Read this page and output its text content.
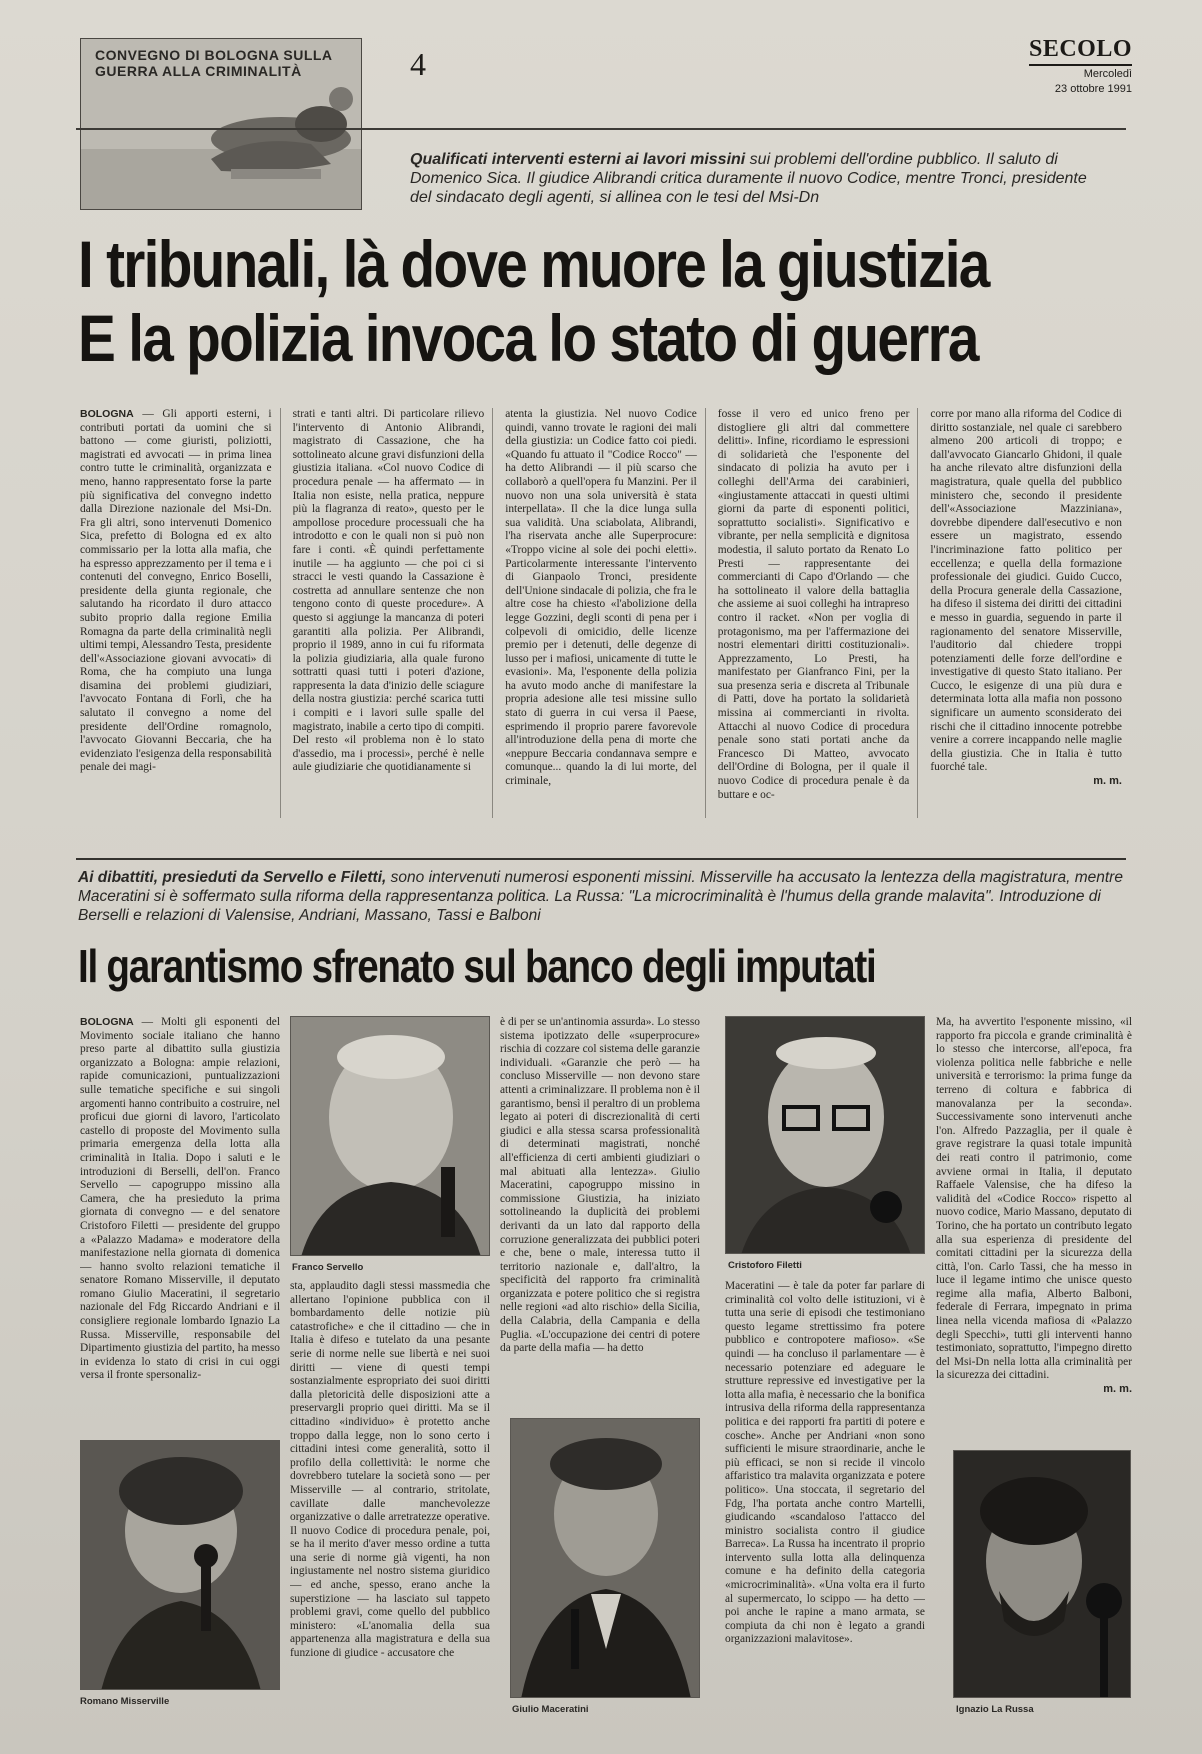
CONVEGNO DI BOLOGNA SULLA GUERRA ALLA CRIMINALITÀ	4	SECOLO
Mercoledì
23 ottobre 1991
Qualificati interventi esterni ai lavori missini sui problemi dell'ordine pubblico. Il saluto di Domenico Sica. Il giudice Alibrandi critica duramente il nuovo Codice, mentre Tronci, presidente del sindacato degli agenti, si allinea con le tesi del Msi-Dn
I tribunali, là dove muore la giustizia
E la polizia invoca lo stato di guerra
BOLOGNA — Gli apporti esterni, i contributi portati da uomini che si battono — come giuristi, poliziotti, magistrati ed avvocati — in prima linea contro tutte le criminalità, organizzata e meno, hanno rappresentato forse la parte più significativa del convegno indetto dalla Direzione nazionale del Msi-Dn. Fra gli altri, sono intervenuti Domenico Sica, prefetto di Bologna ed ex alto commissario per la lotta alla mafia, che ha espresso apprezzamento per il tema e i contenuti del convegno, Enrico Boselli, presidente della giunta regionale, che salutando ha ricordato il duro attacco subito proprio dalla regione Emilia Romagna da parte della criminalità negli ultimi tempi, Alessandro Testa, presidente dell'«Associazione giovani avvocati» di Roma, che ha compiuto una lunga disamina dei problemi giudiziari, l'avvocato Fontana di Forlì, che ha salutato il convegno a nome del presidente dell'Ordine romagnolo, l'avvocato Giovanni Beccaria, che ha evidenziato l'esigenza della responsabilità penale dei magi-
strati e tanti altri. Di particolare rilievo l'intervento di Antonio Alibrandi, magistrato di Cassazione, che ha sottolineato alcune gravi disfunzioni della giustizia italiana. «Col nuovo Codice di procedura penale — ha affermato — in Italia non esiste, nella pratica, neppure più la flagranza di reato», questo per le ampollose procedure processuali che ha introdotto e con le quali non si può non fare i conti. «È quindi perfettamente inutile — ha aggiunto — che poi ci si stracci le vesti quando la Cassazione è costretta ad annullare sentenze che non tengono conto di queste procedure». A questo si aggiunge la mancanza di poteri garantiti alla polizia. Per Alibrandi, proprio il 1989, anno in cui fu riformata la polizia giudiziaria, alla quale furono sottratti quasi tutti i poteri d'azione, rappresenta la data d'inizio delle sciagure della nostra giustizia: perché scarica tutti i compiti e i lavori sulle spalle del magistrato, inabile a certo tipo di compiti. Del resto «il problema non è lo stato d'assedio, ma i processi», perché è nelle aule giudiziarie che quotidianamente si
atenta la giustizia. Nel nuovo Codice quindi, vanno trovate le ragioni dei mali della giustizia: un Codice fatto coi piedi. «Quando fu attuato il "Codice Rocco" — ha detto Alibrandi — il più scarso che collaborò a quell'opera fu Manzini. Per il nuovo non una sola università è stata interpellata». Il che la dice lunga sulla sua validità. Una sciabolata, Alibrandi, l'ha riservata anche alle Superprocure: «Troppo vicine al sole dei pochi eletti». Particolarmente interessante l'intervento di Gianpaolo Tronci, presidente dell'Unione sindacale di polizia, che fra le altre cose ha chiesto «l'abolizione della legge Gozzini, degli sconti di pena per i colpevoli di omicidio, delle licenze premio per i detenuti, delle degenze di lusso per i mafiosi, unicamente di tutte le evasioni». Ma, l'esponente della polizia ha avuto modo anche di manifestare la propria adesione alle tesi missine sullo stato di guerra in cui versa il Paese, esprimendo il proprio parere favorevole all'introduzione della pena di morte che «neppure Beccaria condannava sempre e comunque... quando la di lui morte, del criminale,
fosse il vero ed unico freno per distogliere gli altri dal commettere delitti». Infine, ricordiamo le espressioni di solidarietà che l'esponente del sindacato di polizia ha avuto per i colleghi dell'Arma dei carabinieri, «ingiustamente attaccati in questi ultimi giorni da parte di esponenti politici, soprattutto socialisti». Significativo e vibrante, per nella semplicità e dignitosa modestia, il saluto portato da Renato Lo Presti — rappresentante dei commercianti di Capo d'Orlando — che ha sottolineato il valore della battaglia che assieme ai suoi colleghi ha intrapreso contro il racket. «Non per voglia di protagonismo, ma per l'affermazione dei nostri elementari diritti costituzionali». Apprezzamento, Lo Presti, ha manifestato per Gianfranco Fini, per la sua presenza seria e discreta al Tribunale di Patti, dove ha portato la solidarietà missina ai commercianti in rivolta. Attacchi al nuovo Codice di procedura penale sono stati portati anche da Francesco Di Matteo, avvocato dell'Ordine di Bologna, per il quale il nuovo Codice di procedura penale è da buttare e oc-
corre por mano alla riforma del Codice di diritto sostanziale, nel quale ci sarebbero almeno 200 articoli di troppo; e dall'avvocato Giancarlo Ghidoni, il quale ha anche rilevato altre disfunzioni della magistratura, quale quella del pubblico ministero che, secondo il presidente dell'«Associazione Mazziniana», dovrebbe dipendere dall'esecutivo e non essere un magistrato, essendo l'incriminazione fatto politico per eccellenza; e quella della formazione professionale dei giudici. Guido Cucco, della Procura generale della Cassazione, ha difeso il sistema dei diritti dei cittadini e messo in guardia, seguendo in parte il ragionamento del senatore Misserville, l'auditorio dal chiedere troppi potenziamenti delle forze dell'ordine e investigative di questo Stato italiano. Per Cucco, le esigenze di una più dura e determinata lotta alla mafia non possono significare un aumento sconsiderato dei rischi che il cittadino innocente potrebbe venire a correre incappando nelle maglie della giustizia. Che in Italia è tutto fuorché tale.
m. m.
Ai dibattiti, presieduti da Servello e Filetti, sono intervenuti numerosi esponenti missini. Misserville ha accusato la lentezza della magistratura, mentre Maceratini si è soffermato sulla riforma della rappresentanza politica. La Russa: "La microcriminalità è l'humus della grande malavita". Introduzione di Berselli e relazioni di Valensise, Andriani, Massano, Tassi e Balboni
Il garantismo sfrenato sul banco degli imputati
BOLOGNA — Molti gli esponenti del Movimento sociale italiano che hanno preso parte al dibattito sulla giustizia organizzato a Bologna: ampie relazioni, rapide comunicazioni, puntualizzazioni sulle tematiche specifiche e sui singoli argomenti hanno contribuito a costruire, nel proficui due giorni di lavoro, l'articolato castello di proposte del Movimento sulla primaria emergenza della lotta alla criminalità in Italia. Dopo i saluti e le introduzioni di Berselli, dell'on. Franco Servello — capogruppo missino alla Camera, che ha presieduto la prima giornata di convegno — e del senatore Cristoforo Filetti — presidente del gruppo a «Palazzo Madama» e moderatore della manifestazione nella giornata di domenica — hanno svolto relazioni tematiche il senatore Romano Misserville, il deputato romano Giulio Maceratini, il segretario nazionale del Fdg Riccardo Andriani e il consigliere regionale lombardo Ignazio La Russa. Misserville, responsabile del Dipartimento giustizia del partito, ha messo in evidenza lo stato di crisi in cui oggi versa il fronte spersonaliz-
Romano Misserville
Franco Servello
sta, applaudito dagli stessi massmedia che allertano l'opinione pubblica con il bombardamento delle notizie più catastrofiche» e che il cittadino — che in Italia è difeso e tutelato da una pesante serie di norme nelle sue libertà e nei suoi diritti — viene di questi tempi sostanzialmente espropriato dei suoi diritti dalla pletoricità delle disposizioni atte a preservargli proprio quei diritti. Ma se il cittadino «individuo» è protetto anche troppo dalla legge, non lo sono certo i cittadini intesi come generalità, sotto il profilo della collettività: le norme che dovrebbero tutelare la società sono — per Misserville — al contrario, stritolate, cavillate dalle manchevolezze organizzative o dalle arretratezze operative. Il nuovo Codice di procedura penale, poi, se ha il merito d'aver messo ordine a tutta una serie di norme già vigenti, ha non ingiustamente nel nostro sistema giuridico — ed anche, spesso, erano anche la superstizione — ha lasciato sul tappeto problemi gravi, come quello del pubblico ministero: «L'anomalia della sua appartenenza alla magistratura e della sua funzione di giudice - accusatore che
è di per se un'antinomia assurda». Lo stesso sistema ipotizzato delle «superprocure» rischia di cozzare col sistema delle garanzie individuali. «Garanzie che però — ha concluso Misserville — non devono stare attenti a criminalizzare. Il problema non è il garantismo, bensì il peraltro di un problema legato ai poteri di discrezionalità di certi giudici e alla stessa scarsa professionalità di determinati magistrati, nonché all'efficienza di certi ambienti giudiziari o mal abituati alla lentezza». Giulio Maceratini, capogruppo missino in commissione Giustizia, ha iniziato sottolineando la duplicità dei problemi derivanti da un lato dal rapporto della corruzione generalizzata dei pubblici poteri e che, bene o male, interessa tutto il territorio nazionale e, dall'altro, la specificità del rapporto fra criminalità organizzata e potere politico che si registra nelle regioni «ad alto rischio» della Sicilia, della Calabria, della Campania e della Puglia. «L'occupazione dei centri di potere da parte della mafia — ha detto
Giulio Maceratini
Cristoforo Filetti
Maceratini — è tale da poter far parlare di criminalità col volto delle istituzioni, vi è tutta una serie di episodi che testimoniano questo legame strettissimo fra potere pubblico e contropotere mafioso». «Se quindi — ha concluso il parlamentare — è necessario potenziare ed adeguare le strutture repressive ed investigative per la lotta alla mafia, è necessario che la bonifica intrusiva della riforma della rappresentanza politica e dei rapporti fra partiti di potere e cosche». Anche per Andriani «non sono sufficienti le misure straordinarie, anche le più efficaci, se non si recide il vincolo affaristico tra malavita organizzata e potere politico». Una stoccata, il segretario del Fdg, l'ha portata anche contro Martelli, giudicando «scandaloso l'attacco del ministro socialista contro il giudice Barreca». La Russa ha incentrato il proprio intervento sulla lotta alla delinquenza comune e ha definito della categoria «microcriminalità». «Una volta era il furto al supermercato, lo scippo — ha detto — poi anche le rapine a mano armata, se compiuta da chi non è legato a grandi organizzazioni malavitose».
Ma, ha avvertito l'esponente missino, «il rapporto fra piccola e grande criminalità è lo stesso che intercorse, all'epoca, fra violenza politica nelle fabbriche e nelle università e terrorismo: la prima funge da terreno di coltura e fabbrica di manovalanza per la seconda». Successivamente sono intervenuti anche l'on. Alfredo Pazzaglia, per il quale è grave registrare la quasi totale impunità dei reati contro il patrimonio, come avviene ormai in Italia, il deputato Raffaele Valensise, che ha difeso la validità del «Codice Rocco» rispetto al nuovo codice, Mario Massano, deputato di Torino, che ha portato un contributo legato alla sua esperienza di presidente del comitati cittadini per la sicurezza della città, l'on. Carlo Tassi, che ha messo in luce il legame intimo che unisce questo regime alla mafia, Alberto Balboni, federale di Ferrara, impegnato in prima linea nella vicenda mafiosa di «Palazzo degli Specchi», tutti gli interventi hanno testimoniato, soprattutto, l'impegno diretto del Msi-Dn nella lotta alla criminalità per la sicurezza dei cittadini.
m. m.
Ignazio La Russa
